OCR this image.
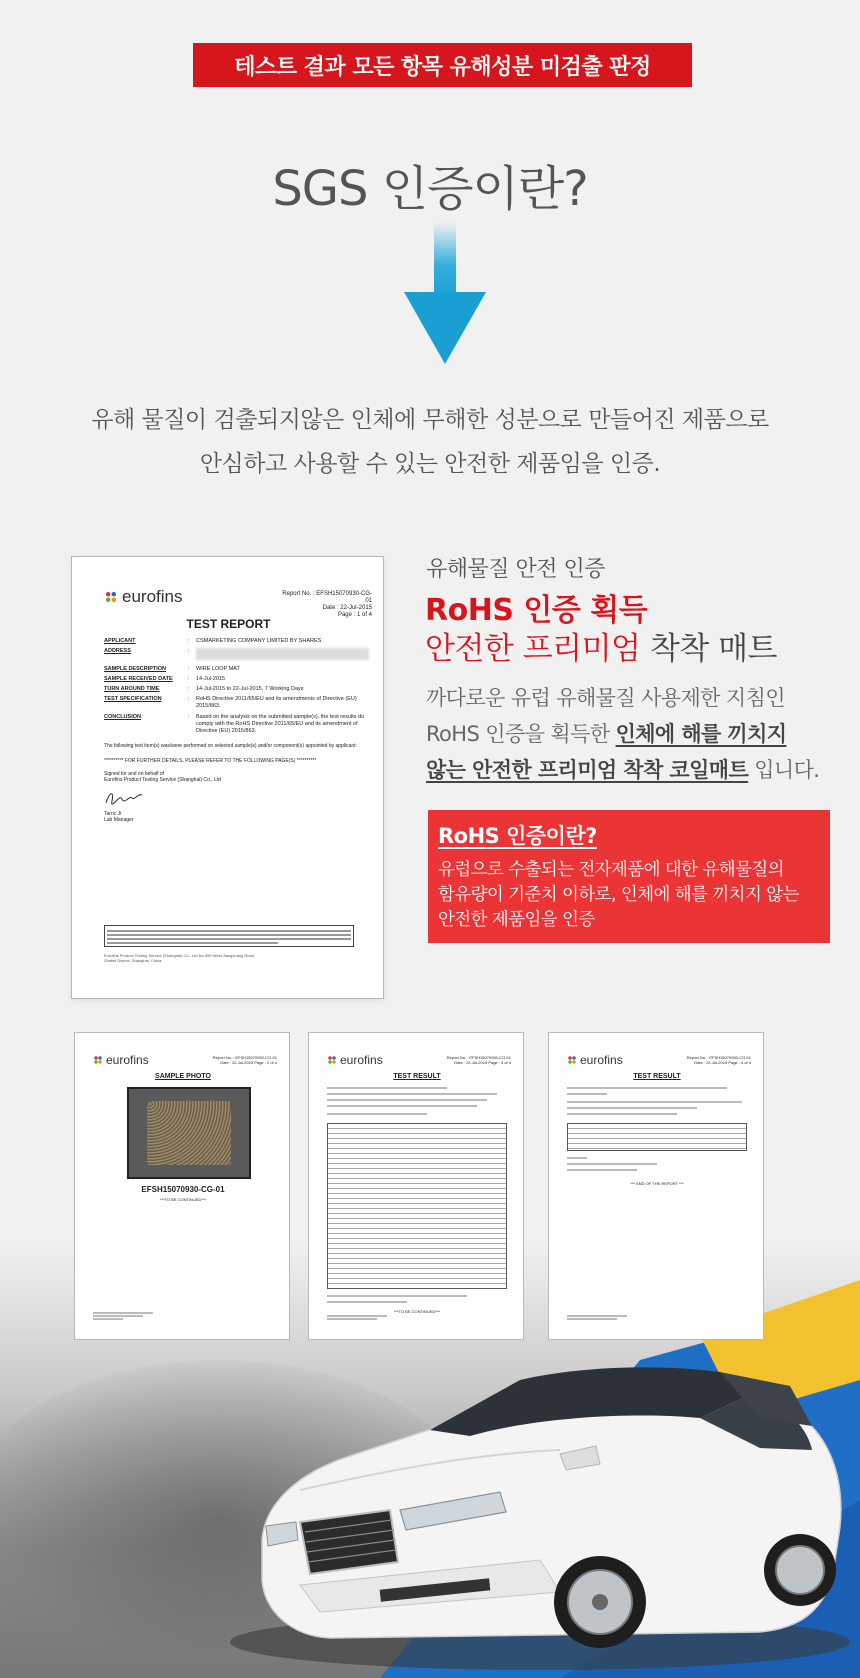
테스트 결과 모든 항목 유해성분 미검출 판정
SGS 인증이란?
유해 물질이 검출되지않은 인체에 무해한 성분으로 만들어진 제품으로
안심하고 사용할 수 있는 안전한 제품임을 인증.
eurofins	Report No. : EFSH15070930-CG-01
Date : 22-Jul-2015
Page : 1 of 4
TEST REPORT
APPLICANT	:	CSMARKETING COMPANY LIMITED BY SHARES
ADDRESS	:
SAMPLE DESCRIPTION	:	WIRE LOOP MAT
SAMPLE RECEIVED DATE	:	14-Jul-2015
TURN AROUND TIME	:	14-Jul-2015 to 22-Jul-2015, 7 Working Days
TEST SPECIFICATION	:	RoHS Directive 2011/65/EU and its amendments of Directive (EU) 2015/863.
CONCLUSION	:	Based on the analysis on the submitted sample(s), the test results do comply with the RoHS Directive 2011/65/EU and its amendment of Directive (EU) 2015/863.
The following test item(s) was/were performed on selected sample(s) and/or component(s) appointed by applicant:
********** FOR FURTHER DETAILS, PLEASE REFER TO THE FOLLOWING PAGE(S) **********
Signed for and on behalf of
Eurofins Product Testing Service (Shanghai) Co., Ltd
Tarric Ji
Lab Manager
Eurofins Product Testing Service (Shanghai) Co., Ltd No.395 West Jiangchang Road, Zhabei District, Shanghai, China
유해물질 안전 인증
RoHS 인증 획득
안전한 프리미엄 착착 매트
까다로운 유럽 유해물질 사용제한 지침인
RoHS 인증을 획득한 인체에 해를 끼치지
않는 안전한 프리미엄 착착 코일매트 입니다.
RoHS 인증이란?
유럽으로 수출되는 전자제품에 대한 유해물질의
함유량이 기준치 이하로, 인체에 해를 끼치지 않는
안전한 제품임을 인증
eurofins	Report No. : EFSH15070930-CG-01 Date : 22-Jul-2015 Page : 2 of 4
SAMPLE PHOTO
EFSH15070930-CG-01
***TO BE CONTINUED***
eurofins	Report No. : EFSH15070930-CG-01 Date : 22-Jul-2015 Page : 3 of 4
TEST RESULT
***TO BE CONTINUED***
eurofins	Report No. : EFSH15070930-CG-01 Date : 22-Jul-2015 Page : 4 of 4
TEST RESULT
*** END OF THE REPORT ***
